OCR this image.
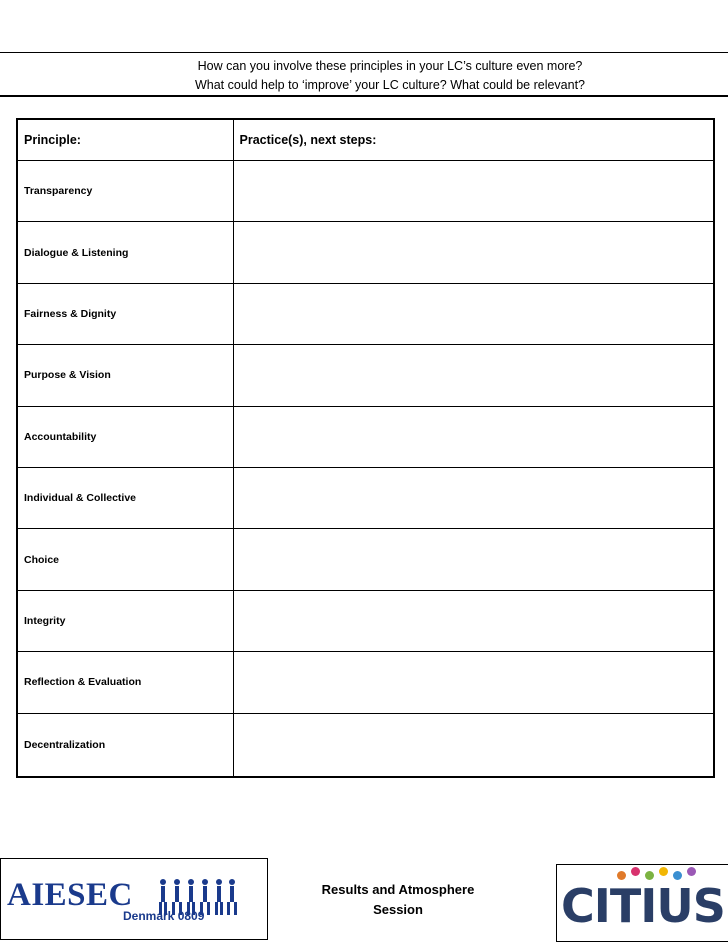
How can you involve these principles in your LC’s culture even more?
What could help to ‘improve’ your LC culture? What could be relevant?
Principle:	Practice(s), next steps:
Transparency	
Dialogue & Listening	
Fairness & Dignity	
Purpose & Vision	
Accountability	
Individual & Collective	
Choice	
Integrity	
Reflection & Evaluation	
Decentralization	
AIESEC
Denmark 0809
Results and Atmosphere
Session	CITIUS
